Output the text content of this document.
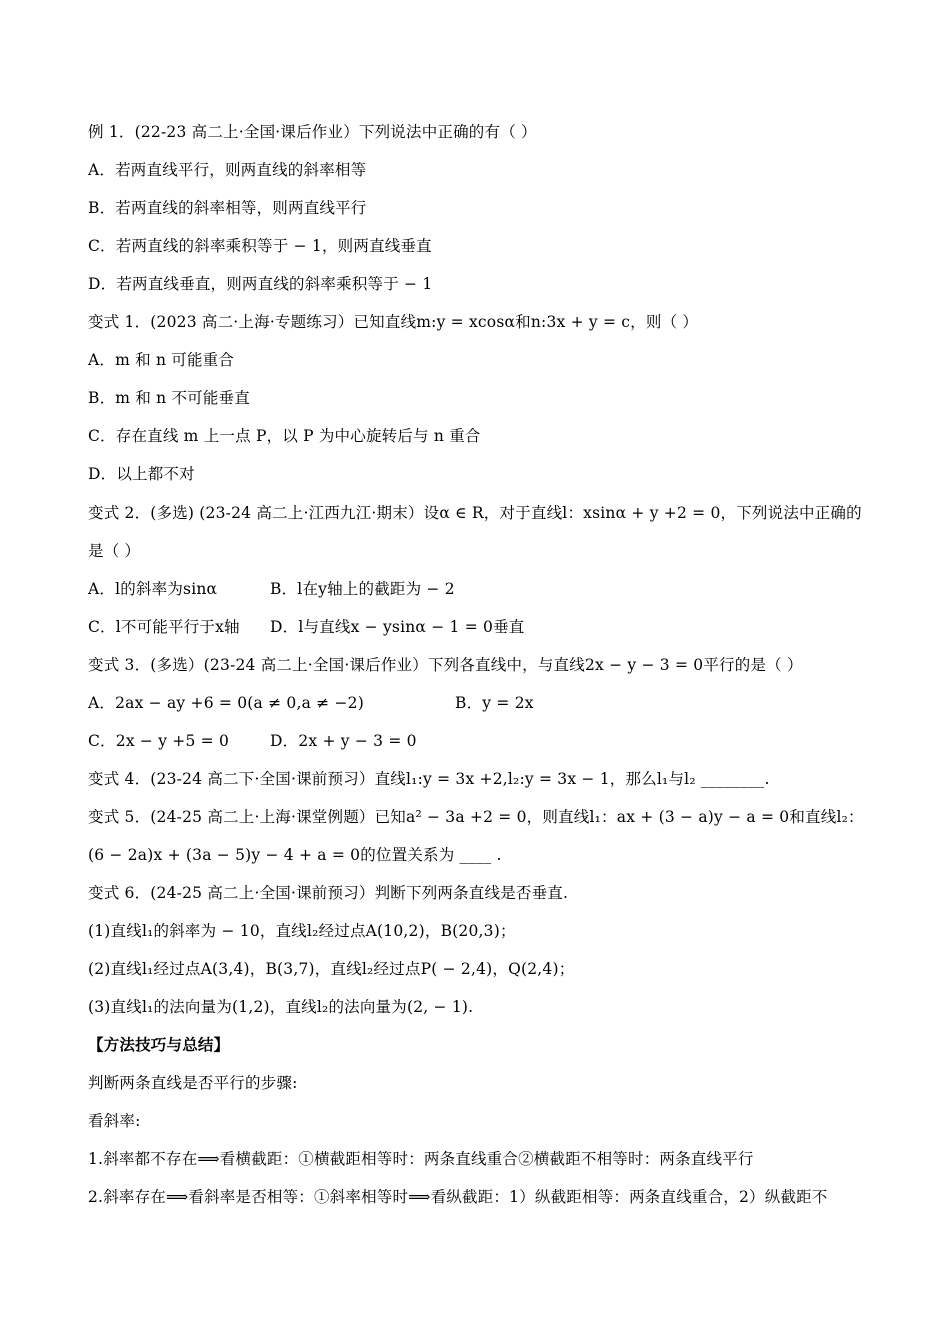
例 1．(22-23 高二上·全国·课后作业）下列说法中正确的有（ ）
A．若两直线平行，则两直线的斜率相等
B．若两直线的斜率相等，则两直线平行
C．若两直线的斜率乘积等于 − 1，则两直线垂直
D．若两直线垂直，则两直线的斜率乘积等于 − 1
变式 1．(2023 高二·上海·专题练习）已知直线m:y = xcosα和n:3x + y = c，则（ ）
A．m 和 n 可能重合
B．m 和 n 不可能垂直
C．存在直线 m 上一点 P，以 P 为中心旋转后与 n 重合
D．以上都不对
变式 2．(多选) (23-24 高二上·江西九江·期末）设α ∈ R，对于直线l：xsinα + y +2 = 0，下列说法中正确的
是（ ）
A．l的斜率为sinα	B．l在y轴上的截距为 − 2
C．l不可能平行于x轴	D．l与直线x − ysinα − 1 = 0垂直
变式 3．(多选）(23-24 高二上·全国·课后作业）下列各直线中，与直线2x − y − 3 = 0平行的是（ ）
A．2ax − ay +6 = 0(a ≠ 0,a ≠ −2)	B．y = 2x
C．2x − y +5 = 0	D．2x + y − 3 = 0
变式 4．(23-24 高二下·全国·课前预习）直线l₁:y = 3x +2,l₂:y = 3x − 1，那么l₁与l₂ ________.
变式 5．(24-25 高二上·上海·课堂例题）已知a² − 3a +2 = 0，则直线l₁：ax + (3 − a)y − a = 0和直线l₂：
(6 − 2a)x + (3a − 5)y − 4 + a = 0的位置关系为 ____ .
变式 6．(24-25 高二上·全国·课前预习）判断下列两条直线是否垂直.
(1)直线l₁的斜率为 − 10，直线l₂经过点A(10,2)，B(20,3)；
(2)直线l₁经过点A(3,4)，B(3,7)，直线l₂经过点P( − 2,4)，Q(2,4)；
(3)直线l₁的法向量为(1,2)，直线l₂的法向量为(2, − 1).
【方法技巧与总结】
判断两条直线是否平行的步骤:
看斜率:
1.斜率都不存在⟹看横截距：①横截距相等时：两条直线重合②横截距不相等时：两条直线平行
2.斜率存在⟹看斜率是否相等：①斜率相等时⟹看纵截距：1）纵截距相等：两条直线重合，2）纵截距不
